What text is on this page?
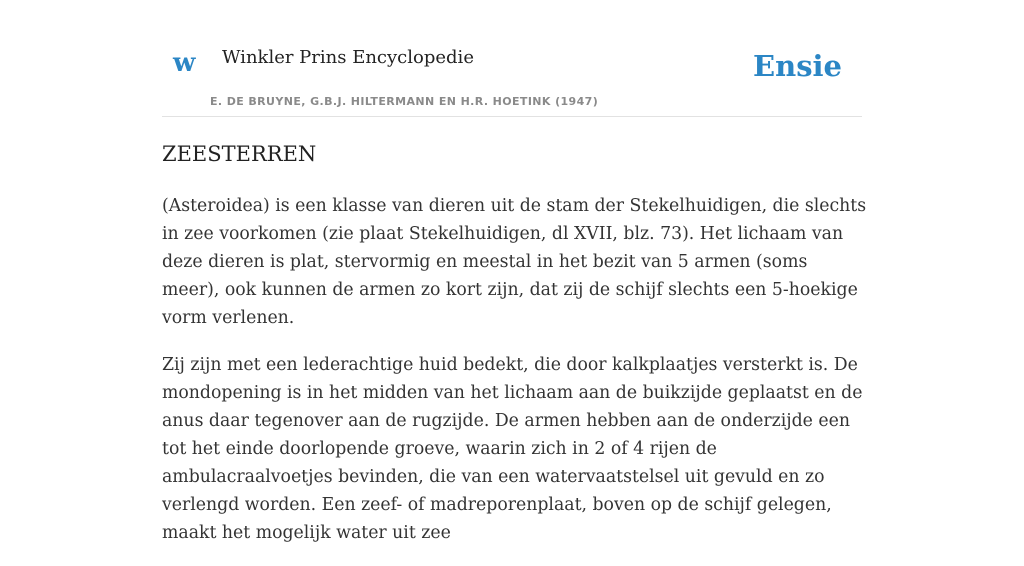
w Winkler Prins Encyclopedie
E. DE BRUYNE, G.B.J. HILTERMANN EN H.R. HOETINK (1947)
Ensie
ZEESTERREN

(Asteroidea) is een klasse van dieren uit de stam der Stekelhuidigen, die slechts in zee voorkomen (zie plaat Stekelhuidigen, dl XVII, blz. 73). Het lichaam van deze dieren is plat, stervormig en meestal in het bezit van 5 armen (soms meer), ook kunnen de armen zo kort zijn, dat zij de schijf slechts een 5-hoekige vorm verlenen.

Zij zijn met een lederachtige huid bedekt, die door kalkplaatjes versterkt is. De mondopening is in het midden van het lichaam aan de buikzijde geplaatst en de anus daar tegenover aan de rugzijde. De armen hebben aan de onderzijde een tot het einde doorlopende groeve, waarin zich in 2 of 4 rijen de ambulacraalvoetjes bevinden, die van een watervaatstelsel uit gevuld en zo verlengd worden. Een zeef- of madreporenplaat, boven op de schijf gelegen, maakt het mogelijk water uit zee
